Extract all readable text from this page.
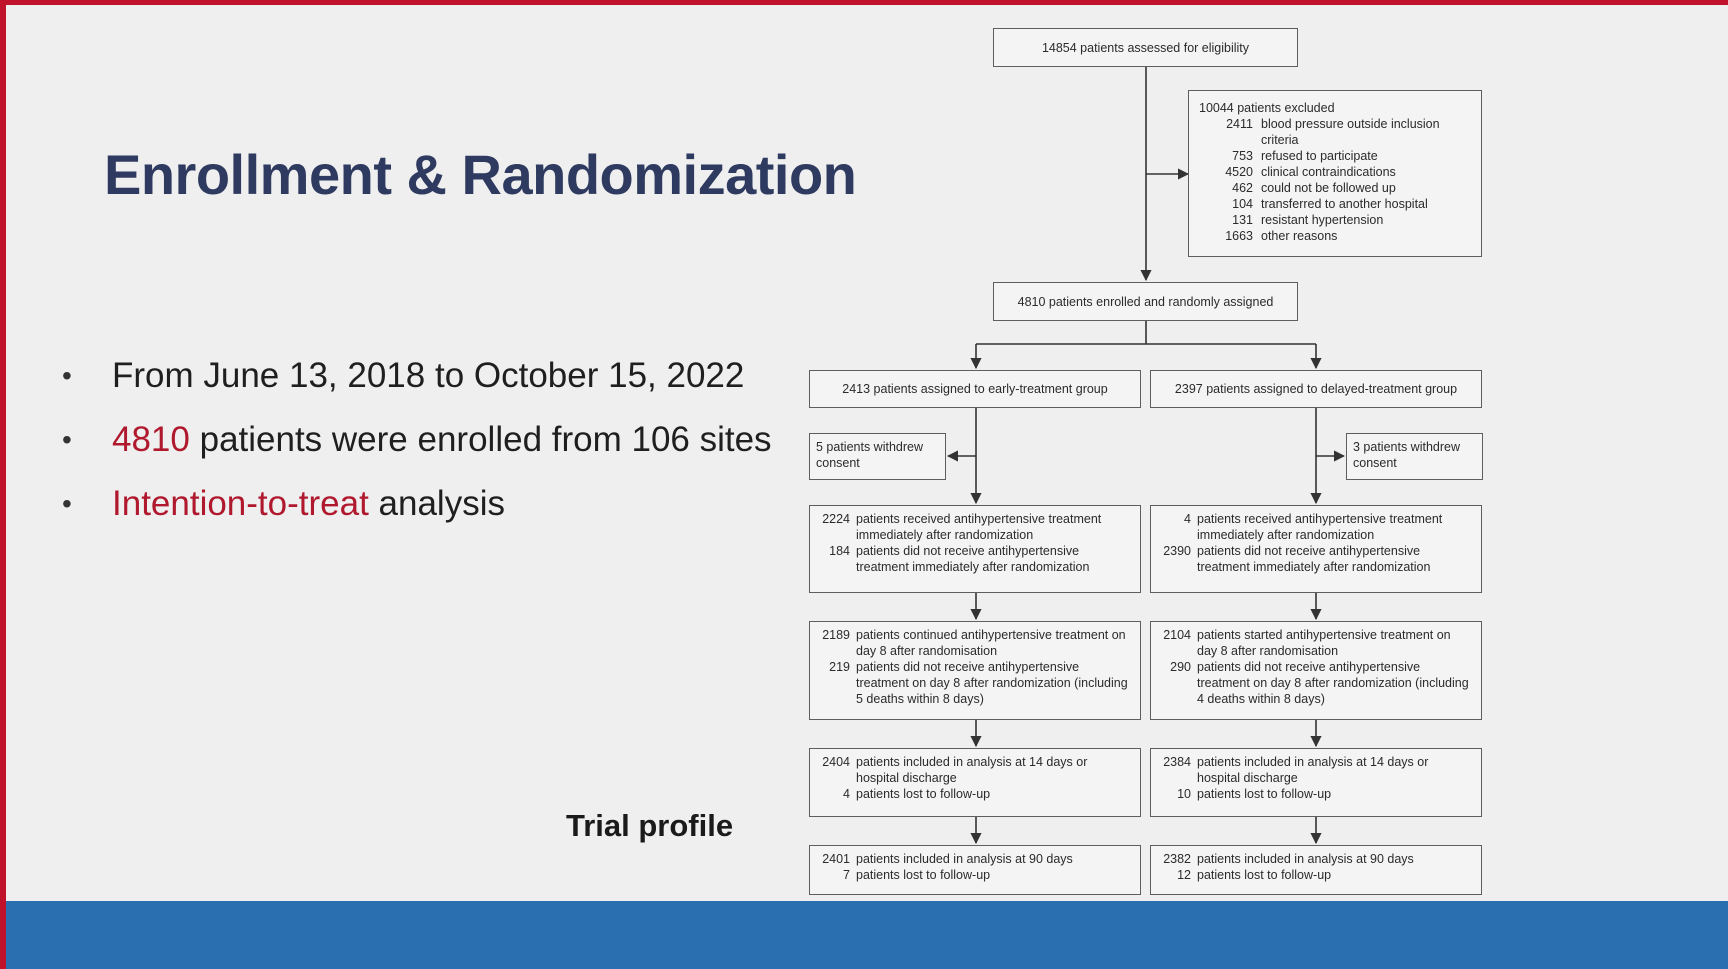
Enrollment & Randomization
• From June 13, 2018 to October 15, 2022
• 4810 patients were enrolled from 106 sites
• Intention-to-treat analysis
Trial profile
14854 patients assessed for eligibility
10044 patients excluded
2411 blood pressure outside inclusion criteria
753 refused to participate
4520 clinical contraindications
462 could not be followed up
104 transferred to another hospital
131 resistant hypertension
1663 other reasons
4810 patients enrolled and randomly assigned
2413 patients assigned to early-treatment group
5 patients withdrew consent
2224 patients received antihypertensive treatment immediately after randomization
184 patients did not receive antihypertensive treatment immediately after randomization
2189 patients continued antihypertensive treatment on day 8 after randomisation
219 patients did not receive antihypertensive treatment on day 8 after randomization (including 5 deaths within 8 days)
2404 patients included in analysis at 14 days or hospital discharge
4 patients lost to follow-up
2401 patients included in analysis at 90 days
7 patients lost to follow-up
2397 patients assigned to delayed-treatment group
3 patients withdrew consent
4 patients received antihypertensive treatment immediately after randomization
2390 patients did not receive antihypertensive treatment immediately after randomization
2104 patients started antihypertensive treatment on day 8 after randomisation
290 patients did not receive antihypertensive treatment on day 8 after randomization (including 4 deaths within 8 days)
2384 patients included in analysis at 14 days or hospital discharge
10 patients lost to follow-up
2382 patients included in analysis at 90 days
12 patients lost to follow-up
